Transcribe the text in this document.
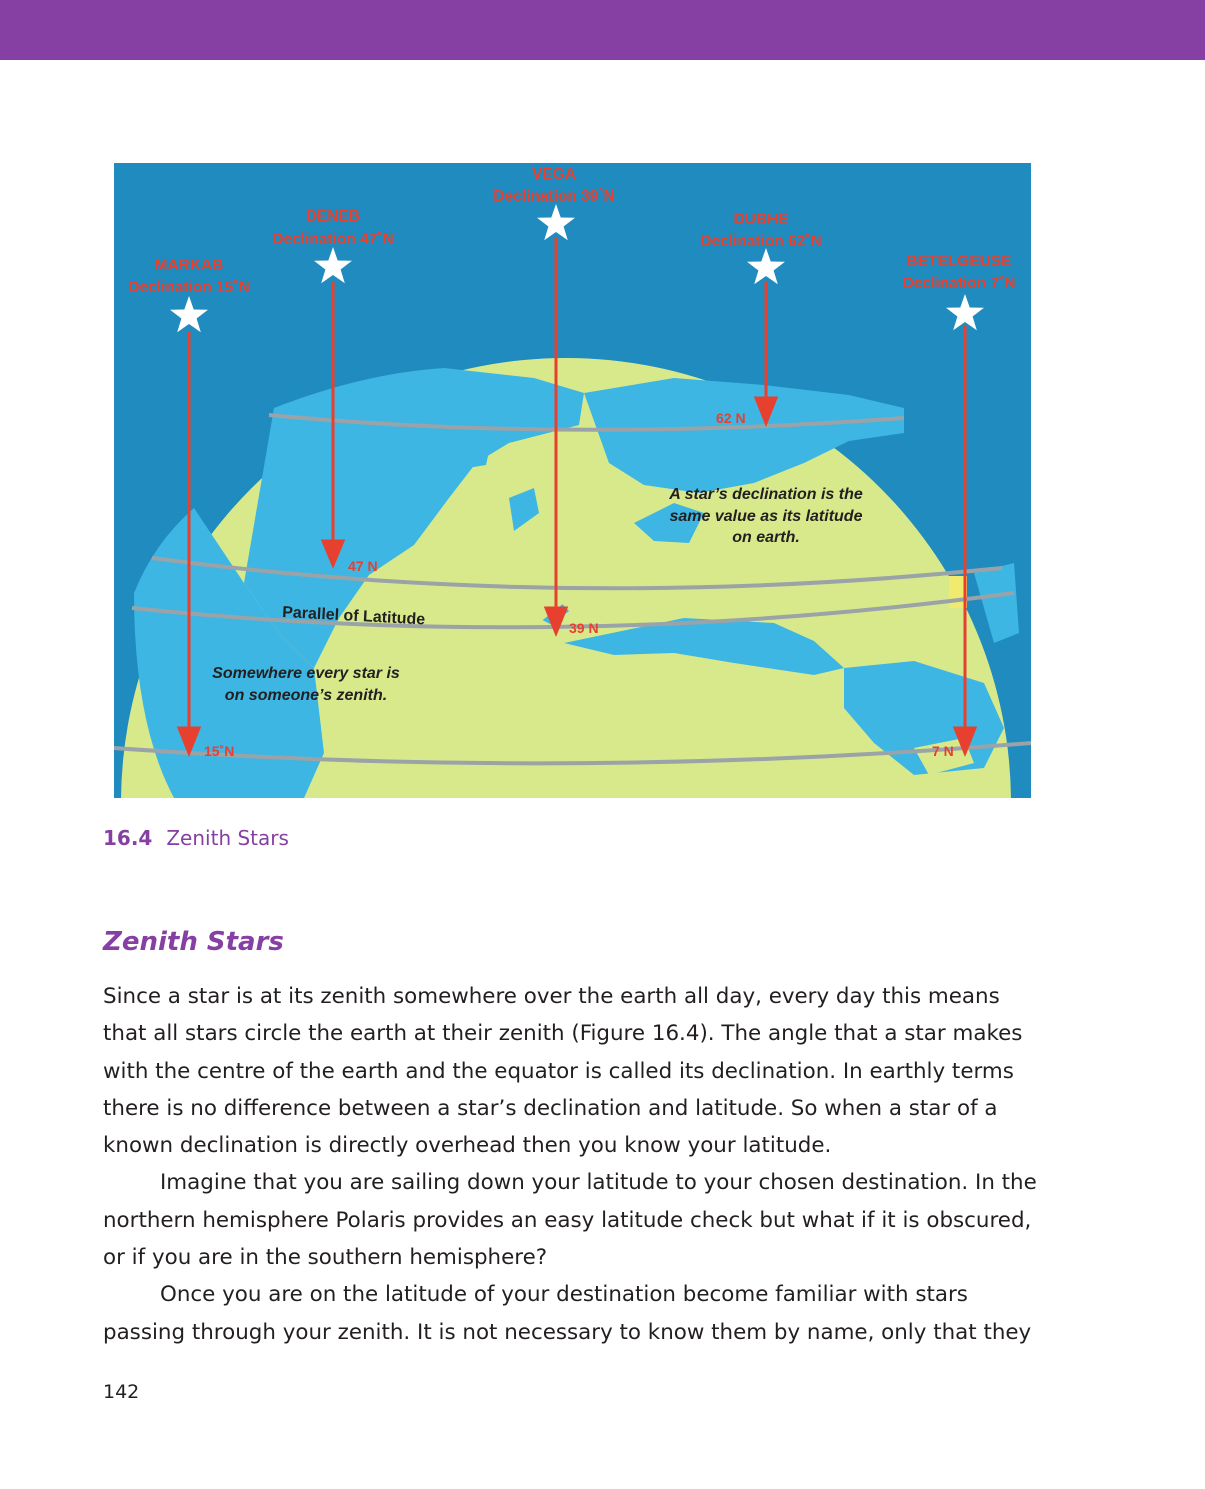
MARKAB
Declination 15˚N
DENEB
Declination 47˚N
VEGA
Declination 39˚N
DUBHE
Declination 62˚N
BETELGEUSE
Declination 7˚N
15˚N
47 N
39 N
62 N
7 N
A star’s declination is the
same value as its latitude
on earth.
Parallel of Latitude
Somewhere every star is
on someone’s zenith.
16.4 Zenith Stars
Zenith Stars

Since a star is at its zenith somewhere over the earth all day, every day this means that all stars circle the earth at their zenith (Figure 16.4). The angle that a star makes with the centre of the earth and the equator is called its declination. In earthly terms there is no difference between a star’s declination and latitude. So when a star of a known declination is directly overhead then you know your latitude.

Imagine that you are sailing down your latitude to your chosen destination. In the northern hemisphere Polaris provides an easy latitude check but what if it is obscured, or if you are in the southern hemisphere?

Once you are on the latitude of your destination become familiar with stars passing through your zenith. It is not necessary to know them by name, only that they

142
